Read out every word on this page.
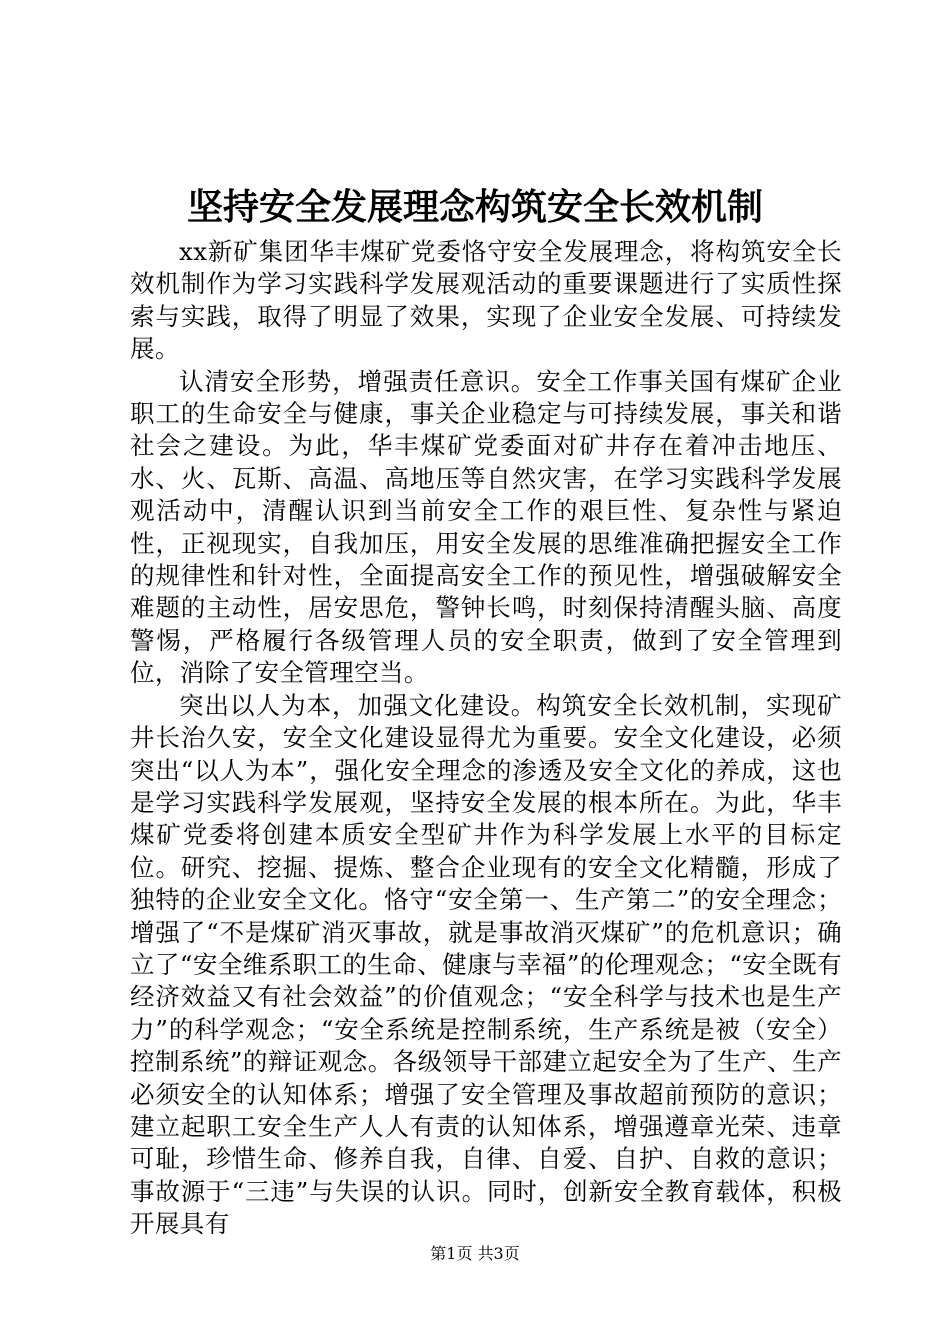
坚持安全发展理念构筑安全长效机制

xx新矿集团华丰煤矿党委恪守安全发展理念，将构筑安全长效机制作为学习实践科学发展观活动的重要课题进行了实质性探索与实践，取得了明显了效果，实现了企业安全发展、可持续发展。

认清安全形势，增强责任意识。安全工作事关国有煤矿企业职工的生命安全与健康，事关企业稳定与可持续发展，事关和谐社会之建设。为此，华丰煤矿党委面对矿井存在着冲击地压、水、火、瓦斯、高温、高地压等自然灾害，在学习实践科学发展观活动中，清醒认识到当前安全工作的艰巨性、复杂性与紧迫性，正视现实，自我加压，用安全发展的思维准确把握安全工作的规律性和针对性，全面提高安全工作的预见性，增强破解安全难题的主动性，居安思危，警钟长鸣，时刻保持清醒头脑、高度警惕，严格履行各级管理人员的安全职责，做到了安全管理到位，消除了安全管理空当。

突出以人为本，加强文化建设。构筑安全长效机制，实现矿井长治久安，安全文化建设显得尤为重要。安全文化建设，必须突出“以人为本”，强化安全理念的渗透及安全文化的养成，这也是学习实践科学发展观，坚持安全发展的根本所在。为此，华丰煤矿党委将创建本质安全型矿井作为科学发展上水平的目标定位。研究、挖掘、提炼、整合企业现有的安全文化精髓，形成了独特的企业安全文化。恪守“安全第一、生产第二”的安全理念；增强了“不是煤矿消灭事故，就是事故消灭煤矿”的危机意识；确立了“安全维系职工的生命、健康与幸福”的伦理观念；“安全既有经济效益又有社会效益”的价值观念；“安全科学与技术也是生产力”的科学观念；“安全系统是控制系统，生产系统是被（安全）控制系统”的辩证观念。各级领导干部建立起安全为了生产、生产必须安全的认知体系；增强了安全管理及事故超前预防的意识；建立起职工安全生产人人有责的认知体系，增强遵章光荣、违章可耻，珍惜生命、修养自我，自律、自爱、自护、自救的意识；事故源于“三违”与失误的认识。同时，创新安全教育载体，积极开展具有

第1页 共3页
